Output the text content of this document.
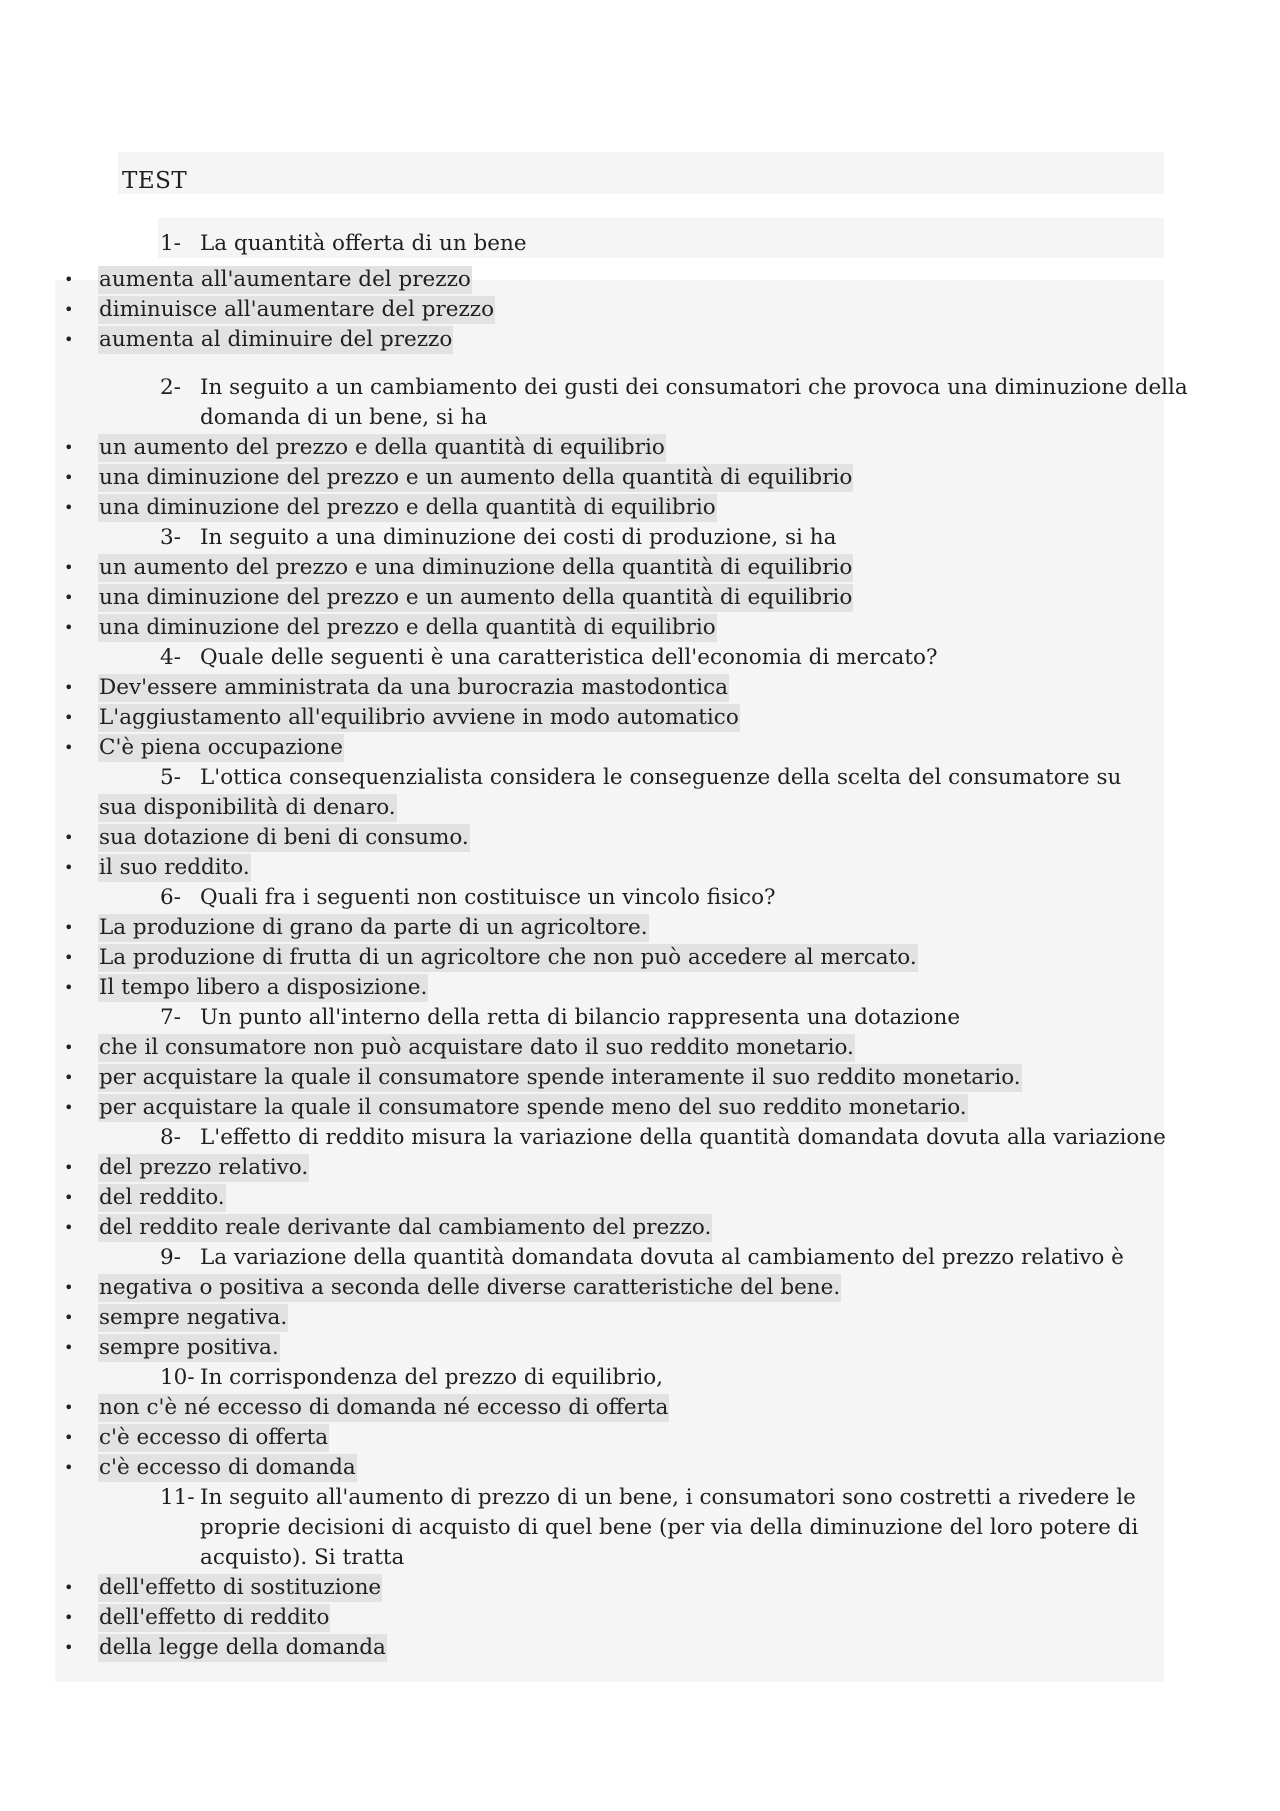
TEST

1- La quantità offerta di un bene

• aumenta all'aumentare del prezzo

• diminuisce all'aumentare del prezzo

• aumenta al diminuire del prezzo

2- In seguito a un cambiamento dei gusti dei consumatori che provoca una diminuzione della domanda di un bene, si ha

• un aumento del prezzo e della quantità di equilibrio

• una diminuzione del prezzo e un aumento della quantità di equilibrio

• una diminuzione del prezzo e della quantità di equilibrio

3- In seguito a una diminuzione dei costi di produzione, si ha

• un aumento del prezzo e una diminuzione della quantità di equilibrio

• una diminuzione del prezzo e un aumento della quantità di equilibrio

• una diminuzione del prezzo e della quantità di equilibrio

4- Quale delle seguenti è una caratteristica dell'economia di mercato?

• Dev'essere amministrata da una burocrazia mastodontica

• L'aggiustamento all'equilibrio avviene in modo automatico

• C'è piena occupazione

5- L'ottica consequenzialista considera le conseguenze della scelta del consumatore su

sua disponibilità di denaro.

• sua dotazione di beni di consumo.

• il suo reddito.

6- Quali fra i seguenti non costituisce un vincolo fisico?

• La produzione di grano da parte di un agricoltore.

• La produzione di frutta di un agricoltore che non può accedere al mercato.

• Il tempo libero a disposizione.

7- Un punto all'interno della retta di bilancio rappresenta una dotazione

• che il consumatore non può acquistare dato il suo reddito monetario.

• per acquistare la quale il consumatore spende interamente il suo reddito monetario.

• per acquistare la quale il consumatore spende meno del suo reddito monetario.

8- L'effetto di reddito misura la variazione della quantità domandata dovuta alla variazione

• del prezzo relativo.

• del reddito.

• del reddito reale derivante dal cambiamento del prezzo.

9- La variazione della quantità domandata dovuta al cambiamento del prezzo relativo è

• negativa o positiva a seconda delle diverse caratteristiche del bene.

• sempre negativa.

• sempre positiva.

10- In corrispondenza del prezzo di equilibrio,

• non c'è né eccesso di domanda né eccesso di offerta

• c'è eccesso di offerta

• c'è eccesso di domanda

11- In seguito all'aumento di prezzo di un bene, i consumatori sono costretti a rivedere le proprie decisioni di acquisto di quel bene (per via della diminuzione del loro potere di acquisto). Si tratta

• dell'effetto di sostituzione

• dell'effetto di reddito

• della legge della domanda
